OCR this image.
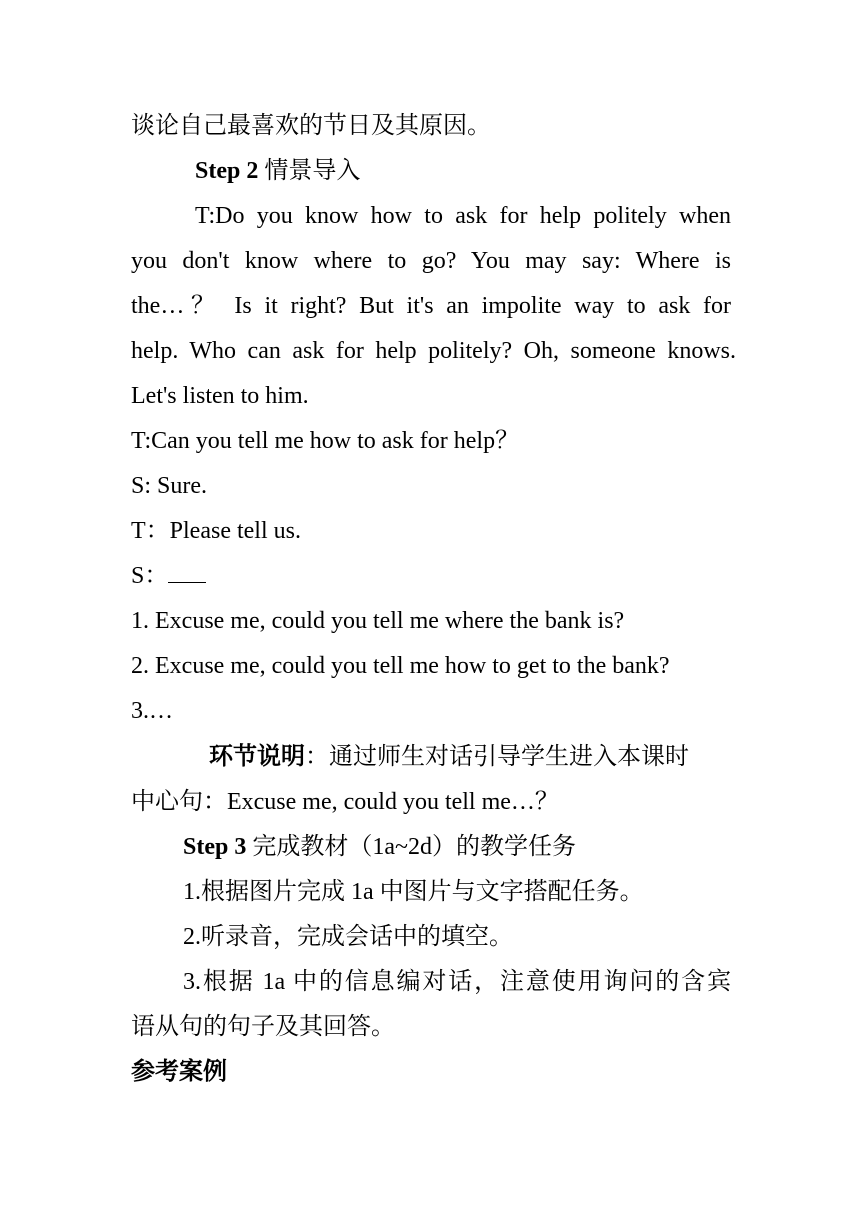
谈论自己最喜欢的节日及其原因。
Step 2 情景导入
T:Do you know how to ask for help politely when
you don't know where to go? You may say: Where is
the…？ Is it right? But it's an impolite way to ask for
help. Who can ask for help politely? Oh, someone knows.
Let's listen to him.
T:Can you tell me how to ask for help？
S: Sure.
T：Please tell us.
S：
1. Excuse me, could you tell me where the bank is?
2. Excuse me, could you tell me how to get to the bank?
3.…
环节说明：通过师生对话引导学生进入本课时
中心句：Excuse me, could you tell me…？
Step 3 完成教材（1a~2d）的教学任务
1.根据图片完成 1a 中图片与文字搭配任务。
2.听录音，完成会话中的填空。
3.根据 1a 中的信息编对话，注意使用询问的含宾
语从句的句子及其回答。
参考案例
